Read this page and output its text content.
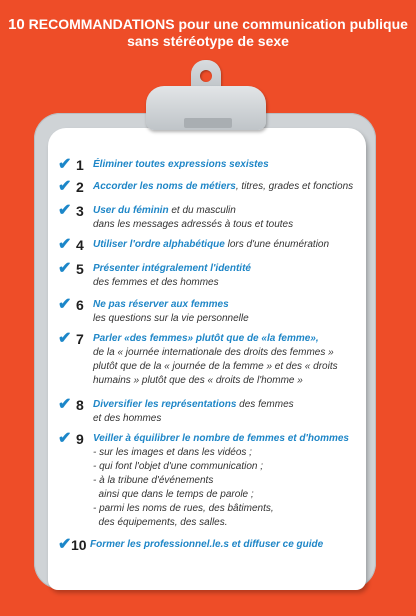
10 RECOMMANDATIONS pour une communication publique
sans stéréotype de sexe
✔ 1 Éliminer toutes expressions sexistes
✔ 2 Accorder les noms de métiers, titres, grades et fonctions
✔ 3 User du féminin et du masculin
dans les messages adressés à tous et toutes
✔ 4 Utiliser l'ordre alphabétique lors d'une énumération
✔ 5 Présenter intégralement l'identité
des femmes et des hommes
✔ 6 Ne pas réserver aux femmes
les questions sur la vie personnelle
✔ 7 Parler «des femmes» plutôt que de «la femme»,
de la « journée internationale des droits des femmes »
plutôt que de la « journée de la femme » et des « droits
humains » plutôt que des « droits de l'homme »
✔ 8 Diversifier les représentations des femmes
et des hommes
✔ 9 Veiller à équilibrer le nombre de femmes et d'hommes
- sur les images et dans les vidéos ;
- qui font l'objet d'une communication ;
- à la tribune d'événements
ainsi que dans le temps de parole ;
- parmi les noms de rues, des bâtiments,
des équipements, des salles.
✔ 10 Former les professionnel.le.s et diffuser ce guide
